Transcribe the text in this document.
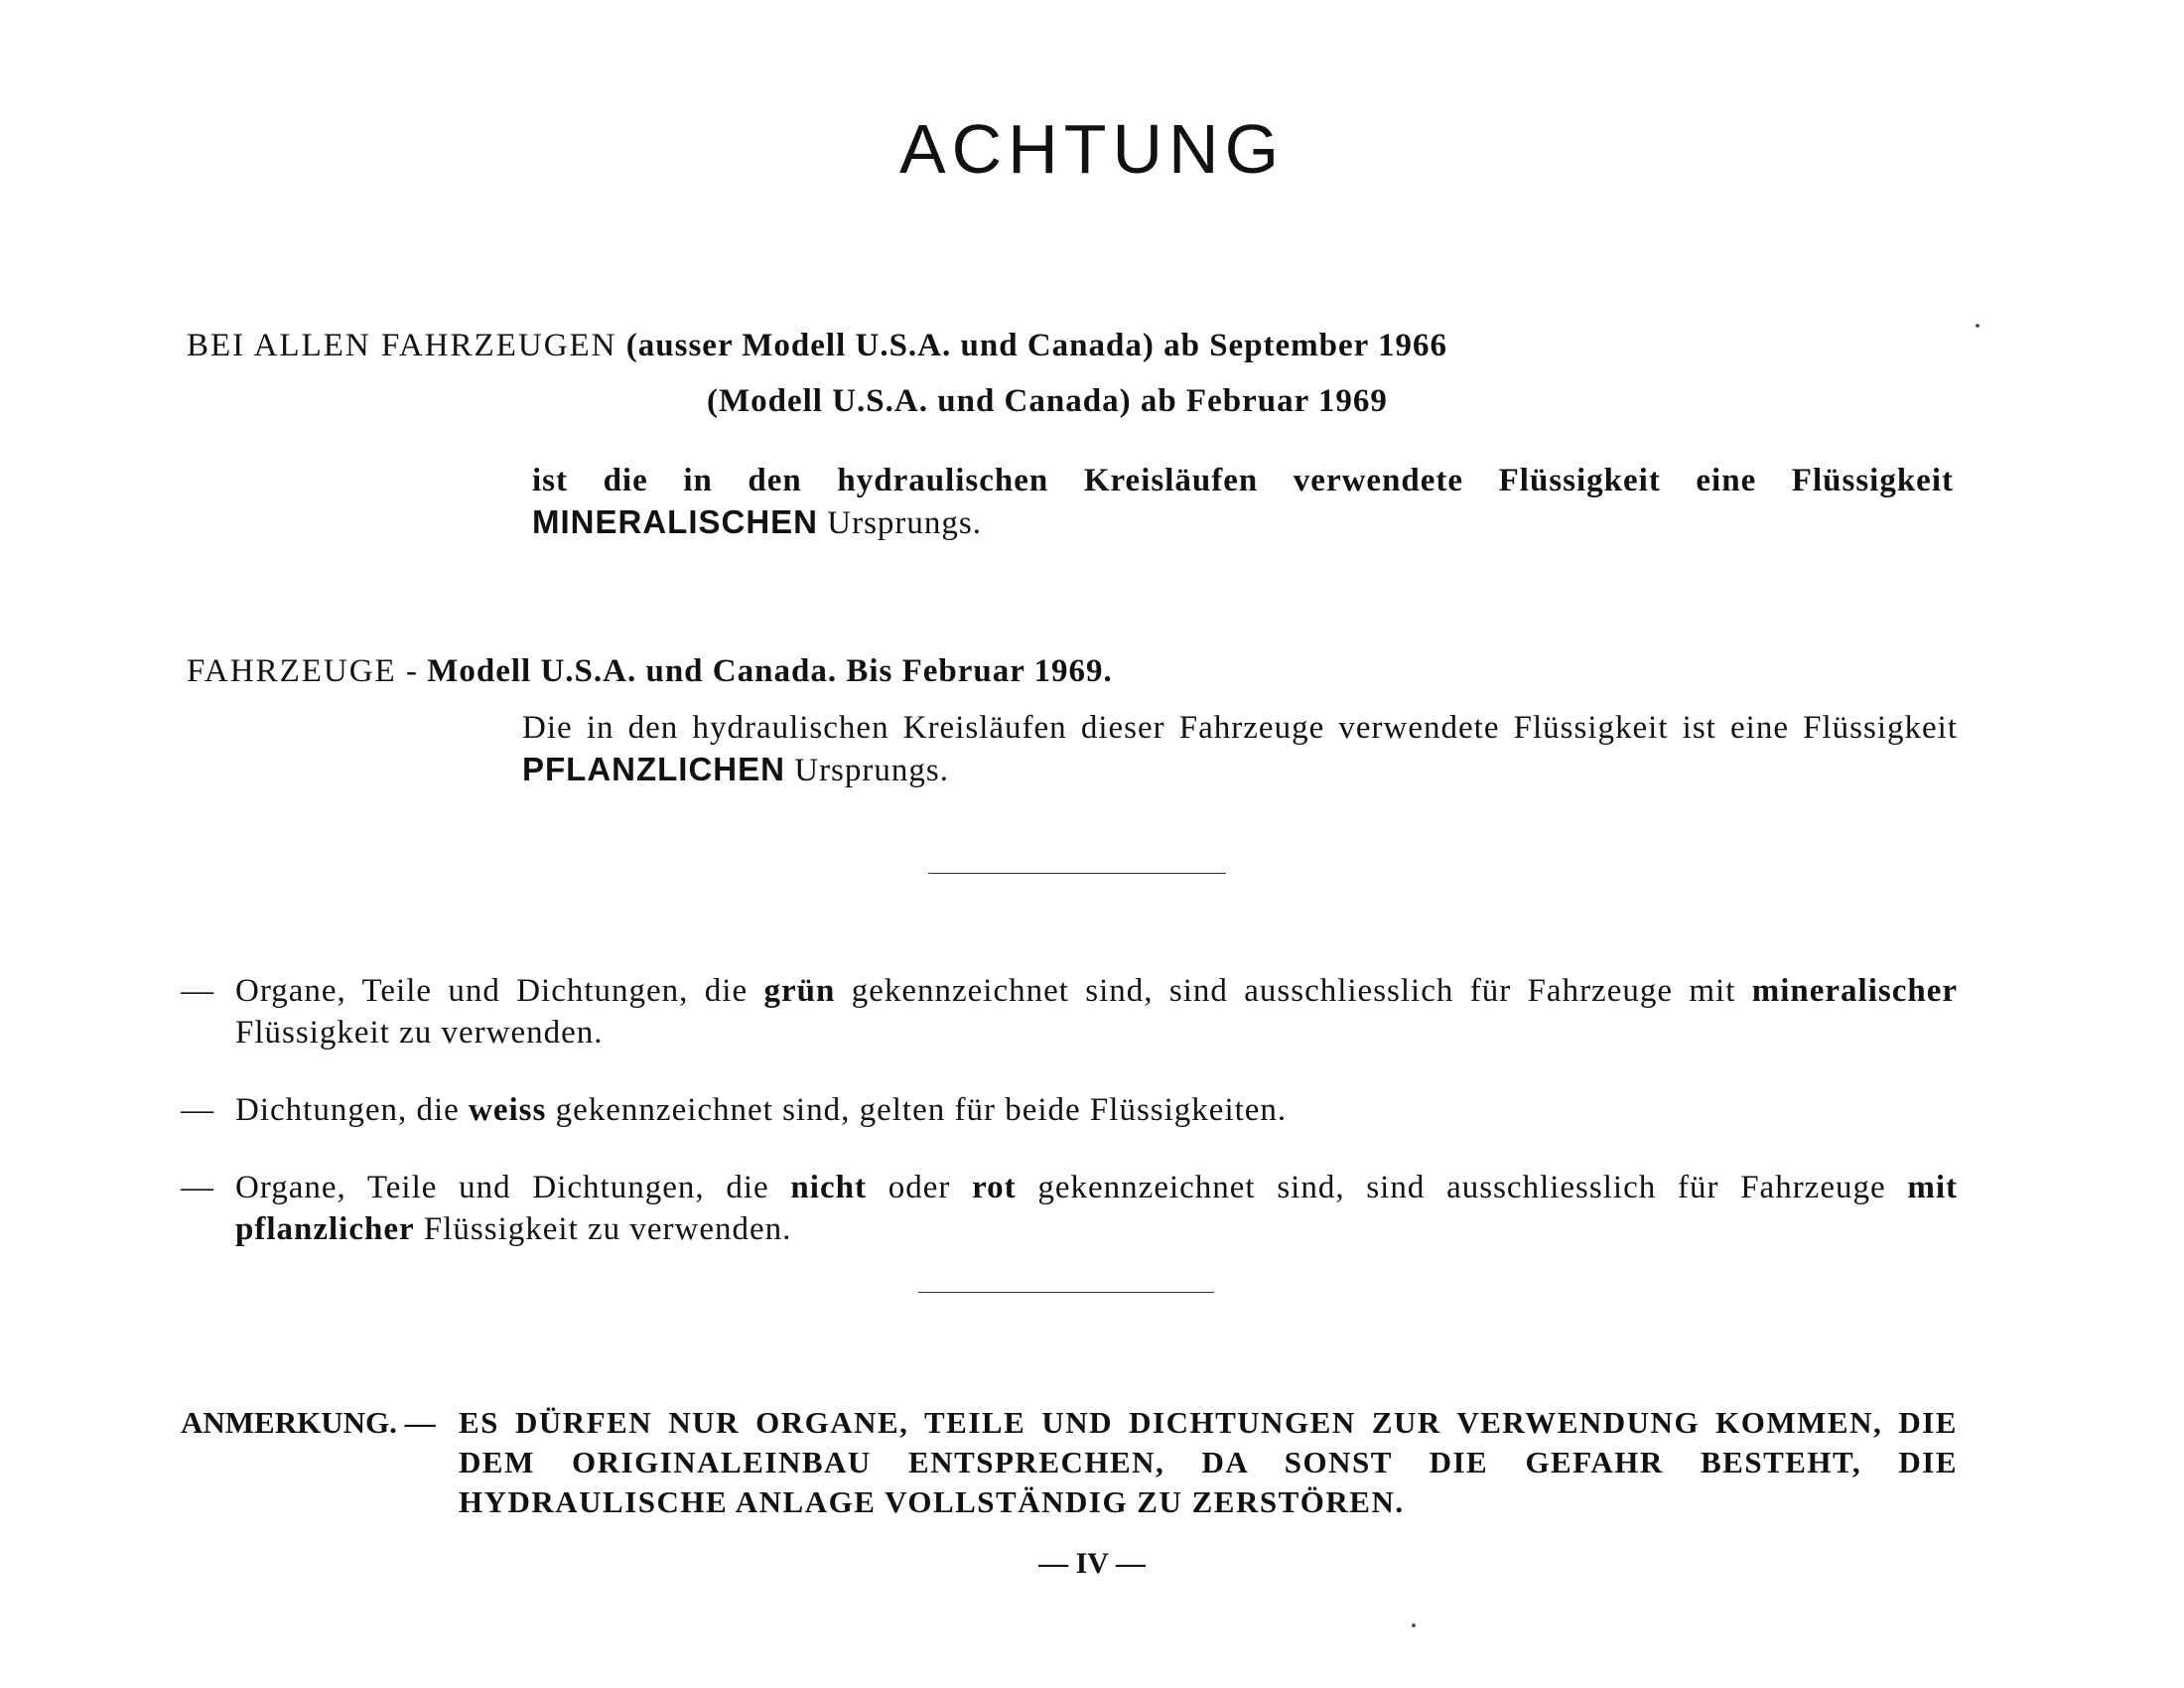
ACHTUNG
BEI ALLEN FAHRZEUGEN (ausser Modell U.S.A. und Canada) ab September 1966
(Modell U.S.A. und Canada) ab Februar 1969
ist die in den hydraulischen Kreisläufen verwendete Flüssigkeit eine Flüssigkeit MINERALISCHEN Ursprungs.
FAHRZEUGE - Modell U.S.A. und Canada. Bis Februar 1969.
Die in den hydraulischen Kreisläufen dieser Fahrzeuge verwendete Flüssigkeit ist eine Flüssigkeit PFLANZLICHEN Ursprungs.
— Organe, Teile und Dichtungen, die grün gekennzeichnet sind, sind ausschliesslich für Fahrzeuge mit mineralischer Flüssigkeit zu verwenden.
— Dichtungen, die weiss gekennzeichnet sind, gelten für beide Flüssigkeiten.
— Organe, Teile und Dichtungen, die nicht oder rot gekennzeichnet sind, sind ausschliesslich für Fahrzeuge mit pflanzlicher Flüssigkeit zu verwenden.
ANMERKUNG. — ES DÜRFEN NUR ORGANE, TEILE UND DICHTUNGEN ZUR VERWENDUNG KOMMEN, DIE DEM ORIGINALEINBAU ENTSPRECHEN, DA SONST DIE GEFAHR BESTEHT, DIE HYDRAULISCHE ANLAGE VOLLSTÄNDIG ZU ZERSTÖREN.
— IV —
